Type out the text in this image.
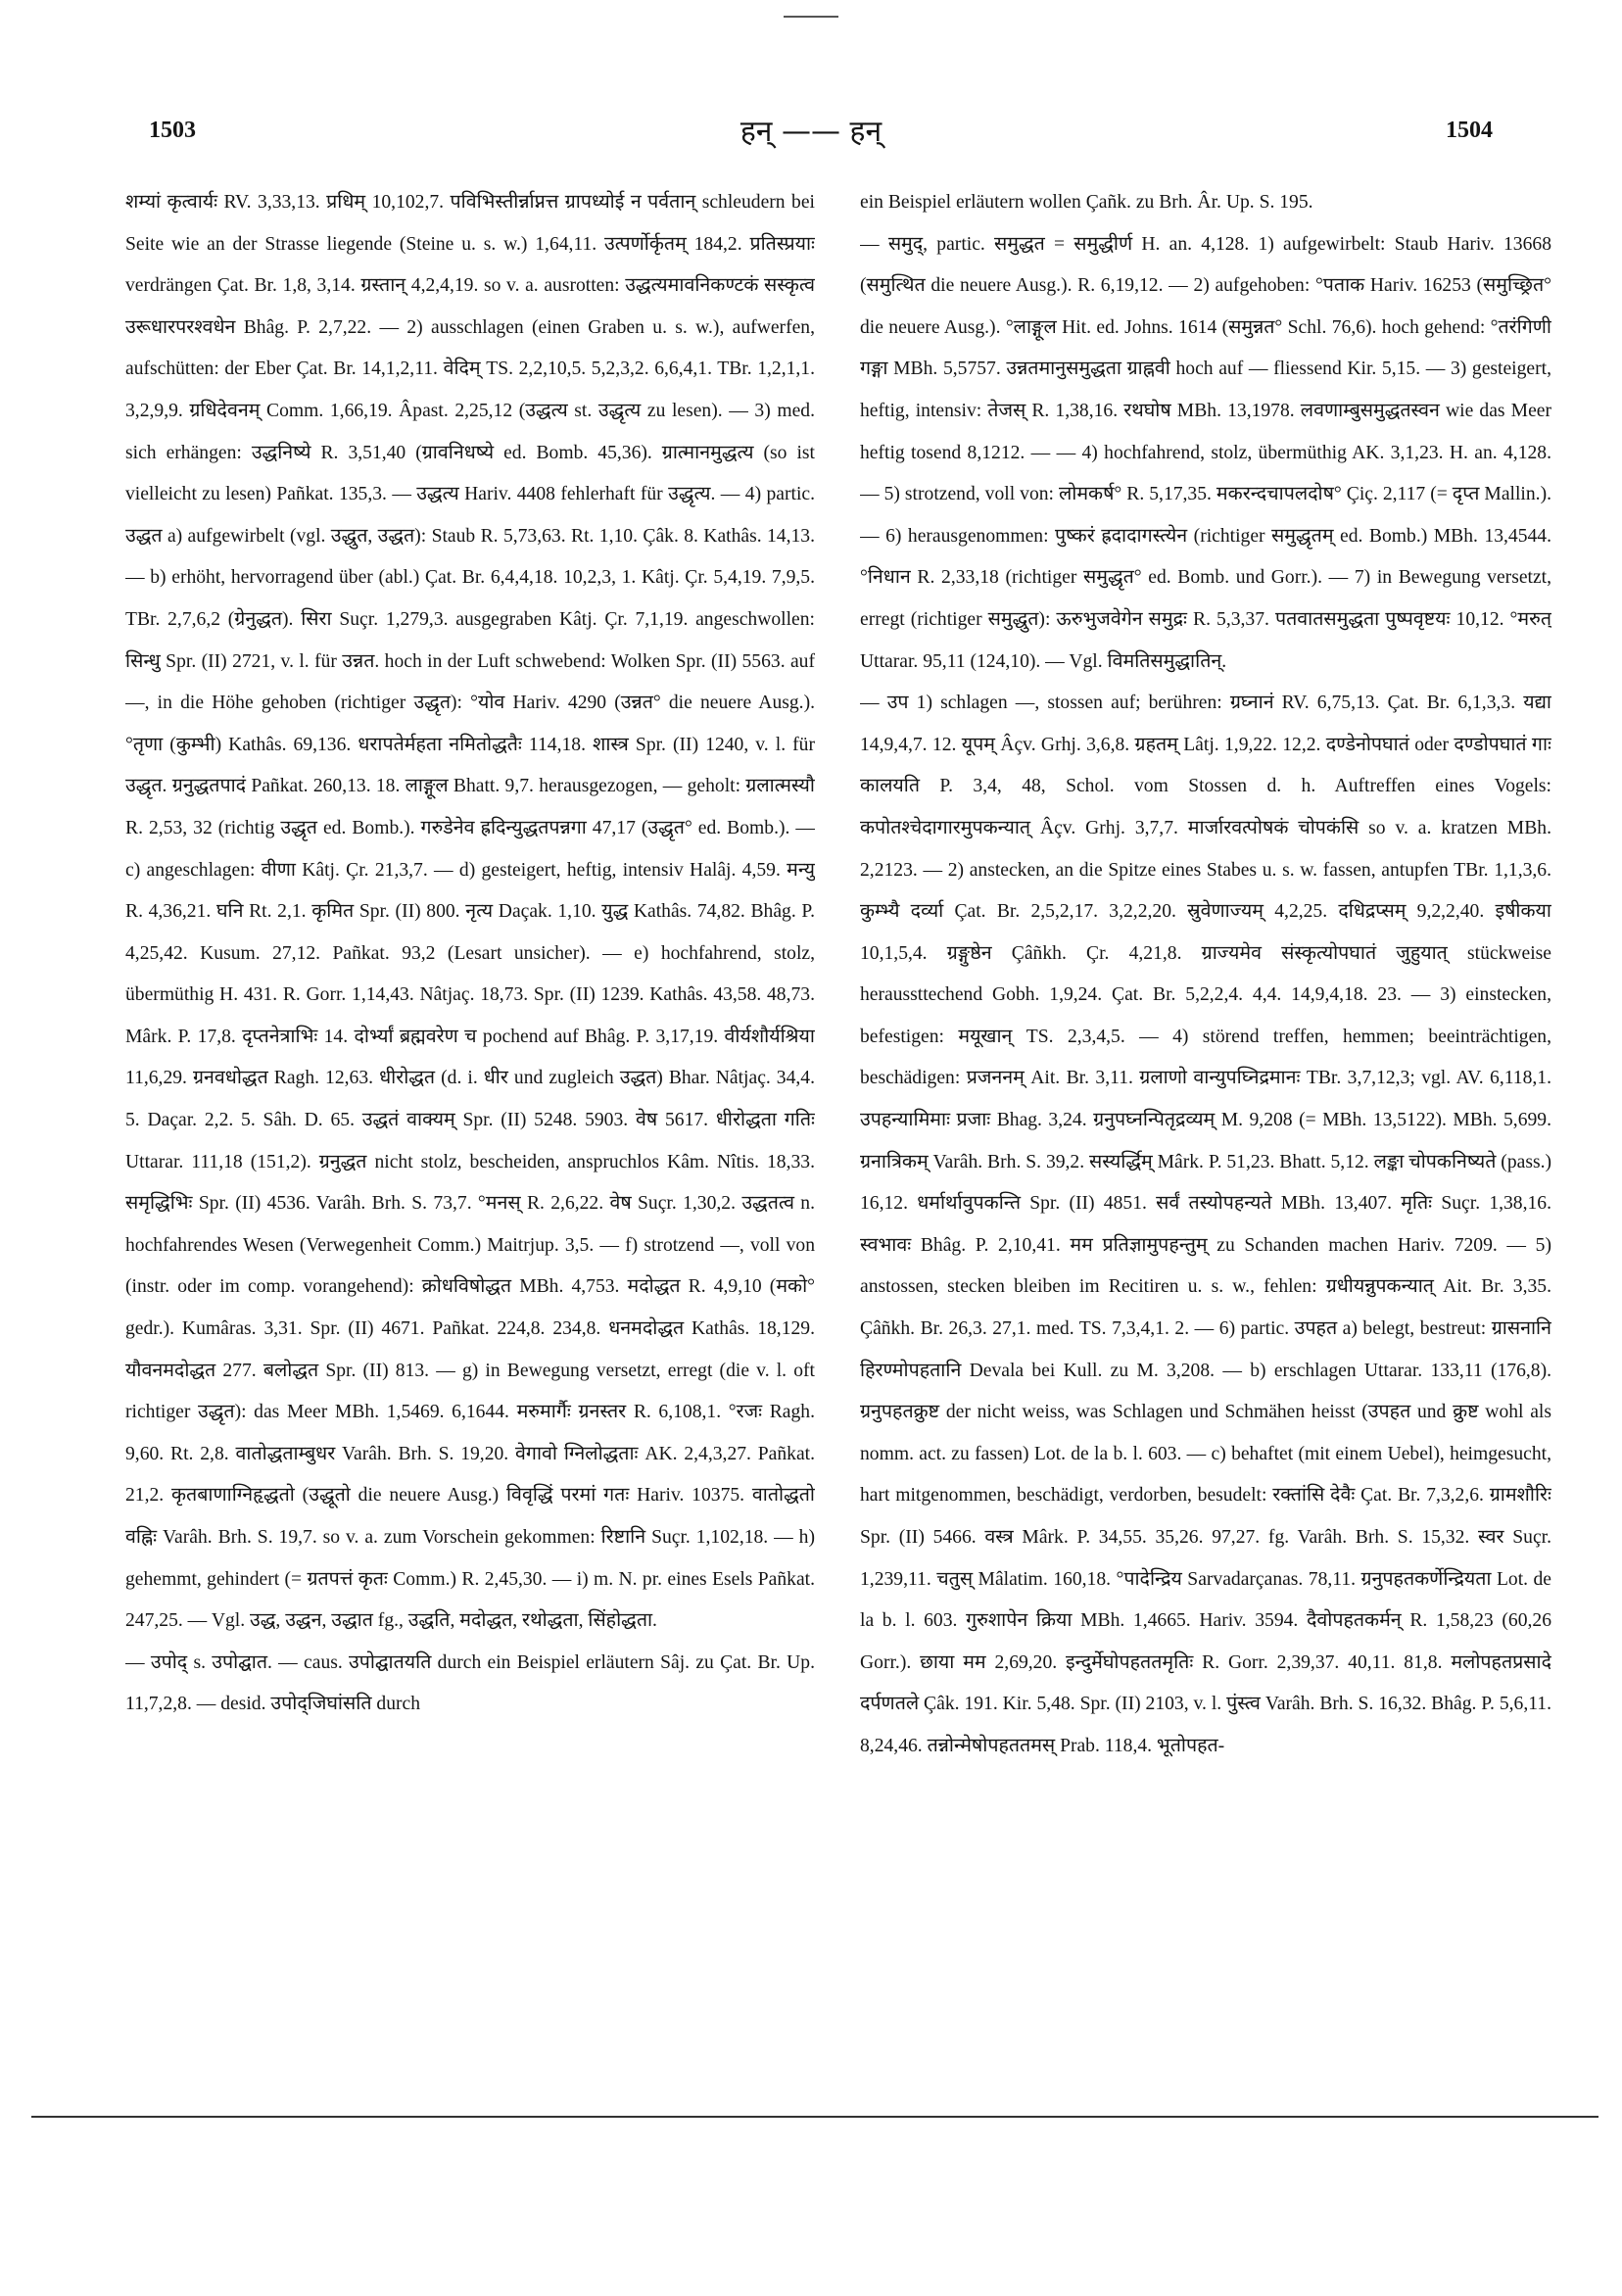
1503	हन् —— हन्	1504

शम्यां कृत्वार्यः RV. 3,33,13. प्रधिम् 10,102,7. पविभिस्तीर्न्नाप्नत्त ग्रापध्योई न पर्वतान् schleudern bei Seite wie an der Strasse liegende (Steine u. s. w.) 1,64,11. उत्पर्णोर्कृतम् 184,2. प्रतिस्प्रयाः verdrängen Çat. Br. 1,8, 3,14. ग्रस्तान् 4,2,4,19. so v. a. ausrotten: उद्धत्यमावनिकण्टकं सस्कृत्व उरूधारपरश्वधेन Bhâg. P. 2,7,22. — 2) ausschlagen (einen Graben u. s. w.), aufwerfen, aufschütten: der Eber Çat. Br. 14,1,2,11. वेदिम् TS. 2,2,10,5. 5,2,3,2. 6,6,4,1. TBr. 1,2,1,1. 3,2,9,9. ग्रधिदेवनम् Comm. 1,66,19. Âpast. 2,25,12 (उद्धत्य st. उद्धृत्य zu lesen). — 3) med. sich erhängen: उद्धनिष्ये R. 3,51,40 (ग्रावनिधष्ये ed. Bomb. 45,36). ग्रात्मानमुद्धत्य (so ist vielleicht zu lesen) Pañkat. 135,3. — उद्धत्य Hariv. 4408 fehlerhaft für उद्धृत्य. — 4) partic. उद्धत a) aufgewirbelt (vgl. उद्धुत, उद्धत): Staub R. 5,73,63. Rt. 1,10. Çâk. 8. Kathâs. 14,13. — b) erhöht, hervorragend über (abl.) Çat. Br. 6,4,4,18. 10,2,3, 1. Kâtj. Çr. 5,4,19. 7,9,5. TBr. 2,7,6,2 (ग्रेनुद्धत). सिरा Suçr. 1,279,3. ausgegraben Kâtj. Çr. 7,1,19. angeschwollen: सिन्धु Spr. (II) 2721, v. l. für उन्नत. hoch in der Luft schwebend: Wolken Spr. (II) 5563. auf —, in die Höhe gehoben (richtiger उद्धृत): °योव Hariv. 4290 (उन्नत° die neuere Ausg.). °तृणा (कुम्भी) Kathâs. 69,136. धरापतेर्महता नमितोद्धतैः 114,18. शास्त्र Spr. (II) 1240, v. l. für उद्धृत. ग्रनुद्धतपादं Pañkat. 260,13. 18. लाङ्गूल Bhatt. 9,7. herausgezogen, — geholt: ग्रलात्मस्यौ R. 2,53, 32 (richtig उद्धृत ed. Bomb.). गरुडेनेव ह्रदिन्युद्धतपन्नगा 47,17 (उद्धृत° ed. Bomb.). — c) angeschlagen: वीणा Kâtj. Çr. 21,3,7. — d) gesteigert, heftig, intensiv Halâj. 4,59. मन्यु R. 4,36,21. घनि Rt. 2,1. कृमित Spr. (II) 800. नृत्य Daçak. 1,10. युद्ध Kathâs. 74,82. Bhâg. P. 4,25,42. Kusum. 27,12. Pañkat. 93,2 (Lesart unsicher). — e) hochfahrend, stolz, übermüthig H. 431. R. Gorr. 1,14,43. Nâtjaç. 18,73. Spr. (II) 1239. Kathâs. 43,58. 48,73. Mârk. P. 17,8. दृप्तनेत्राभिः 14. दोर्भ्यां ब्रह्मवरेण च pochend auf Bhâg. P. 3,17,19. वीर्यशौर्यश्रिया 11,6,29. ग्रनवधोद्धत Ragh. 12,63. धीरोद्धत (d. i. धीर und zugleich उद्धत) Bhar. Nâtjaç. 34,4. 5. Daçar. 2,2. 5. Sâh. D. 65. उद्धतं वाक्यम् Spr. (II) 5248. 5903. वेष 5617. धीरोद्धता गतिः Uttarar. 111,18 (151,2). ग्रनुद्धत nicht stolz, bescheiden, anspruchlos Kâm. Nîtis. 18,33. समृद्धिभिः Spr. (II) 4536. Varâh. Brh. S. 73,7. °मनस् R. 2,6,22. वेष Suçr. 1,30,2. उद्धतत्व n. hochfahrendes Wesen (Verwegenheit Comm.) Maitrjup. 3,5. — f) strotzend —, voll von (instr. oder im comp. vorangehend): क्रोधविषोद्धत MBh. 4,753. मदोद्धत R. 4,9,10 (मको° gedr.). Kumâras. 3,31. Spr. (II) 4671. Pañkat. 224,8. 234,8. धनमदोद्धत Kathâs. 18,129. यौवनमदोद्धत 277. बलोद्धत Spr. (II) 813. — g) in Bewegung versetzt, erregt (die v. l. oft richtiger उद्धृत): das Meer MBh. 1,5469. 6,1644. मरुमार्गैः ग्रनस्तर R. 6,108,1. °रजः Ragh. 9,60. Rt. 2,8. वातोद्धताम्बुधर Varâh. Brh. S. 19,20. वेगावो ग्निलोद्धताः AK. 2,4,3,27. Pañkat. 21,2. कृतबाणाग्निहृद्धतो (उद्धूतो die neuere Ausg.) विवृद्धिं परमां गतः Hariv. 10375. वातोद्धतो वह्निः Varâh. Brh. S. 19,7. so v. a. zum Vorschein gekommen: रिष्टानि Suçr. 1,102,18. — h) gehemmt, gehindert (= ग्रतपत्तं कृतः Comm.) R. 2,45,30. — i) m. N. pr. eines Esels Pañkat. 247,25. — Vgl. उद्ध, उद्धन, उद्धात fg., उद्धति, मदोद्धत, रथोद्धता, सिंहोद्धता.

— उपोद् s. उपोद्घात. — caus. उपोद्घातयति durch ein Beispiel erläutern Sâj. zu Çat. Br. Up. 11,7,2,8. — desid. उपोद्जिघांसति durch

ein Beispiel erläutern wollen Çañk. zu Brh. Âr. Up. S. 195.

— समुद्, partic. समुद्धत = समुद्धीर्ण H. an. 4,128. 1) aufgewirbelt: Staub Hariv. 13668 (समुत्थित die neuere Ausg.). R. 6,19,12. — 2) aufgehoben: °पताक Hariv. 16253 (समुच्छ्रित° die neuere Ausg.). °लाङ्गूल Hit. ed. Johns. 1614 (समुन्नत° Schl. 76,6). hoch gehend: °तरंगिणी गङ्गा MBh. 5,5757. उन्नतमानुसमुद्धता ग्राह्नवी hoch auf — fliessend Kir. 5,15. — 3) gesteigert, heftig, intensiv: तेजस् R. 1,38,16. रथघोष MBh. 13,1978. लवणाम्बुसमुद्धतस्वन wie das Meer heftig tosend 8,1212. — — 4) hochfahrend, stolz, übermüthig AK. 3,1,23. H. an. 4,128. — 5) strotzend, voll von: लोमकर्ष° R. 5,17,35. मकरन्दचापलदोष° Çiç. 2,117 (= दृप्त Mallin.). — 6) herausgenommen: पुष्करं ह्रदादागस्त्येन (richtiger समुद्धृतम् ed. Bomb.) MBh. 13,4544. °निधान R. 2,33,18 (richtiger समुद्धृत° ed. Bomb. und Gorr.). — 7) in Bewegung versetzt, erregt (richtiger समुद्धुत): ऊरुभुजवेगेन समुद्रः R. 5,3,37. पतवातसमुद्धता पुष्पवृष्टयः 10,12. °मरुत् Uttarar. 95,11 (124,10). — Vgl. विमतिसमुद्धातिन्.

— उप 1) schlagen —, stossen auf; berühren: ग्रघ्नानं RV. 6,75,13. Çat. Br. 6,1,3,3. यद्या 14,9,4,7. 12. यूपम् Âçv. Grhj. 3,6,8. ग्रहतम् Lâtj. 1,9,22. 12,2. दण्डेनोपघातं oder दण्डोपघातं गाः कालयति P. 3,4, 48, Schol. vom Stossen d. h. Auftreffen eines Vogels: कपोतश्चेदागारमुपकन्यात् Âçv. Grhj. 3,7,7. मार्जारवत्पोषकं चोपकंसि so v. a. kratzen MBh. 2,2123. — 2) anstecken, an die Spitze eines Stabes u. s. w. fassen, antupfen TBr. 1,1,3,6. कुम्भ्यै दर्व्या Çat. Br. 2,5,2,17. 3,2,2,20. स्रुवेणाज्यम् 4,2,25. दधिद्रप्सम् 9,2,2,40. इषीकया 10,1,5,4. ग्रङ्गुष्ठेन Çâñkh. Çr. 4,21,8. ग्राज्यमेव संस्कृत्योपघातं जुहुयात् stückweise heraussttechend Gobh. 1,9,24. Çat. Br. 5,2,2,4. 4,4. 14,9,4,18. 23. — 3) einstecken, befestigen: मयूखान् TS. 2,3,4,5. — 4) störend treffen, hemmen; beeinträchtigen, beschädigen: प्रजननम् Ait. Br. 3,11. ग्रलाणो वान्युपघ्निद्रमानः TBr. 3,7,12,3; vgl. AV. 6,118,1. उपहन्यामिमाः प्रजाः Bhag. 3,24. ग्रनुपघ्नन्पितृद्रव्यम् M. 9,208 (= MBh. 13,5122). MBh. 5,699. ग्रनात्रिकम् Varâh. Brh. S. 39,2. सस्यर्द्धिम् Mârk. P. 51,23. Bhatt. 5,12. लङ्का चोपकनिष्यते (pass.) 16,12. धर्मार्थावुपकन्ति Spr. (II) 4851. सर्वं तस्योपहन्यते MBh. 13,407. मृतिः Suçr. 1,38,16. स्वभावः Bhâg. P. 2,10,41. मम प्रतिज्ञामुपहन्तुम् zu Schanden machen Hariv. 7209. — 5) anstossen, stecken bleiben im Recitiren u. s. w., fehlen: ग्रधीयन्नुपकन्यात् Ait. Br. 3,35. Çâñkh. Br. 26,3. 27,1. med. TS. 7,3,4,1. 2. — 6) partic. उपहत a) belegt, bestreut: ग्रासनानि हिरण्मोपहतानि Devala bei Kull. zu M. 3,208. — b) erschlagen Uttarar. 133,11 (176,8). ग्रनुपहतक्रुष्ट der nicht weiss, was Schlagen und Schmähen heisst (उपहत und क्रुष्ट wohl als nomm. act. zu fassen) Lot. de la b. l. 603. — c) behaftet (mit einem Uebel), heimgesucht, hart mitgenommen, beschädigt, verdorben, besudelt: रक्तांसि देवैः Çat. Br. 7,3,2,6. ग्रामशौरिः Spr. (II) 5466. वस्त्र Mârk. P. 34,55. 35,26. 97,27. fg. Varâh. Brh. S. 15,32. स्वर Suçr. 1,239,11. चतुस् Mâlatim. 160,18. °पादेन्द्रिय Sarvadarçanas. 78,11. ग्रनुपहतकर्णेन्द्रियता Lot. de la b. l. 603. गुरुशापेन क्रिया MBh. 1,4665. Hariv. 3594. दैवोपहतकर्मन् R. 1,58,23 (60,26 Gorr.). छाया मम 2,69,20. इन्दुर्मेघोपहततमृतिः R. Gorr. 2,39,37. 40,11. 81,8. मलोपहतप्रसादे दर्पणतले Çâk. 191. Kir. 5,48. Spr. (II) 2103, v. l. पुंस्त्व Varâh. Brh. S. 16,32. Bhâg. P. 5,6,11. 8,24,46. तन्नोन्मेषोपहततमस् Prab. 118,4. भूतोपहत-
